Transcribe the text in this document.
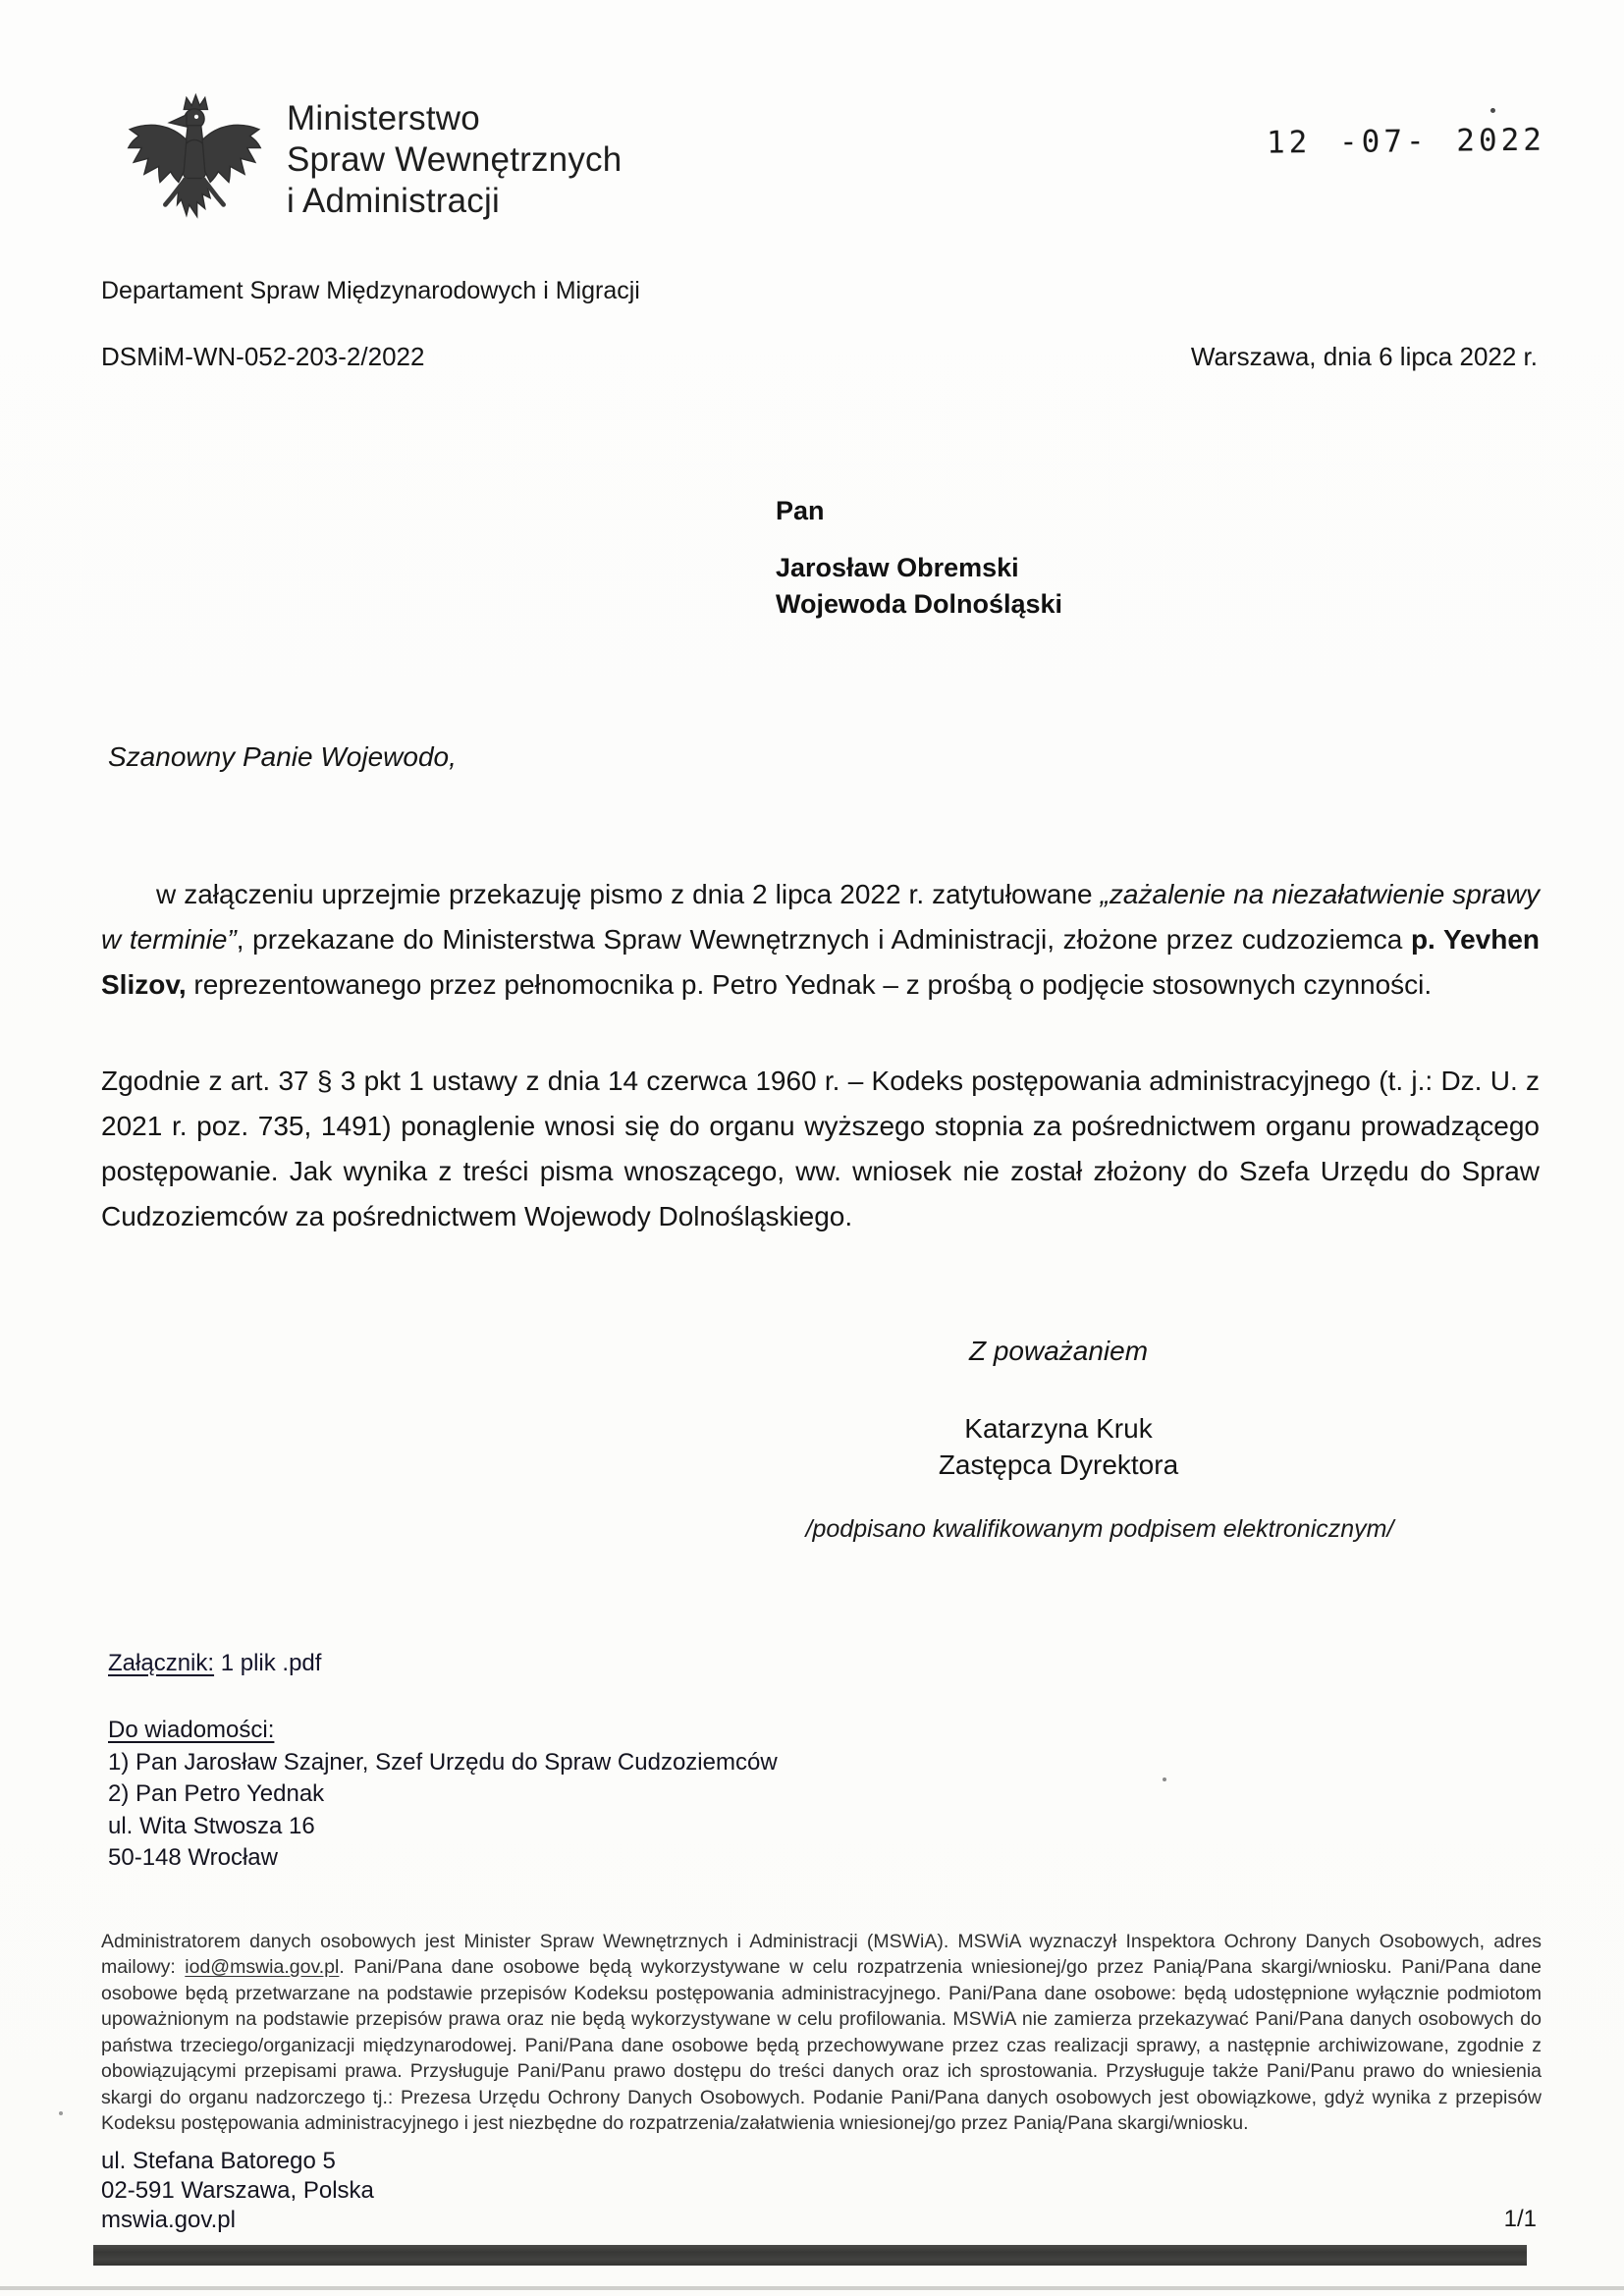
Ministerstwo
Spraw Wewnętrznych
i Administracji
12 -07- 2022
Departament Spraw Międzynarodowych i Migracji
DSMiM-WN-052-203-2/2022	Warszawa, dnia 6 lipca 2022 r.
Pan
Jarosław Obremski
Wojewoda Dolnośląski
Szanowny Panie Wojewodo,

w załączeniu uprzejmie przekazuję pismo z dnia 2 lipca 2022 r. zatytułowane „zażalenie na niezałatwienie sprawy w terminie”, przekazane do Ministerstwa Spraw Wewnętrznych i Administracji, złożone przez cudzoziemca p. Yevhen Slizov, reprezentowanego przez pełnomocnika p. Petro Yednak – z prośbą o podjęcie stosownych czynności.

Zgodnie z art. 37 § 3 pkt 1 ustawy z dnia 14 czerwca 1960 r. – Kodeks postępowania administracyjnego (t. j.: Dz. U. z 2021 r. poz. 735, 1491) ponaglenie wnosi się do organu wyższego stopnia za pośrednictwem organu prowadzącego postępowanie. Jak wynika z treści pisma wnoszącego, ww. wniosek nie został złożony do Szefa Urzędu do Spraw Cudzoziemców za pośrednictwem Wojewody Dolnośląskiego.

Z poważaniem
Katarzyna Kruk
Zastępca Dyrektora
/podpisano kwalifikowanym podpisem elektronicznym/
Załącznik: 1 plik .pdf
Do wiadomości:
1) Pan Jarosław Szajner, Szef Urzędu do Spraw Cudzoziemców
2) Pan Petro Yednak
ul. Wita Stwosza 16
50-148 Wrocław

Administratorem danych osobowych jest Minister Spraw Wewnętrznych i Administracji (MSWiA). MSWiA wyznaczył Inspektora Ochrony Danych Osobowych, adres mailowy: iod@mswia.gov.pl. Pani/Pana dane osobowe będą wykorzystywane w celu rozpatrzenia wniesionej/go przez Panią/Pana skargi/wniosku. Pani/Pana dane osobowe będą przetwarzane na podstawie przepisów Kodeksu postępowania administracyjnego. Pani/Pana dane osobowe: będą udostępnione wyłącznie podmiotom upoważnionym na podstawie przepisów prawa oraz nie będą wykorzystywane w celu profilowania. MSWiA nie zamierza przekazywać Pani/Pana danych osobowych do państwa trzeciego/organizacji międzynarodowej. Pani/Pana dane osobowe będą przechowywane przez czas realizacji sprawy, a następnie archiwizowane, zgodnie z obowiązującymi przepisami prawa. Przysługuje Pani/Panu prawo dostępu do treści danych oraz ich sprostowania. Przysługuje także Pani/Panu prawo do wniesienia skargi do organu nadzorczego tj.: Prezesa Urzędu Ochrony Danych Osobowych. Podanie Pani/Pana danych osobowych jest obowiązkowe, gdyż wynika z przepisów Kodeksu postępowania administracyjnego i jest niezbędne do rozpatrzenia/załatwienia wniesionej/go przez Panią/Pana skargi/wniosku.

ul. Stefana Batorego 5
02-591 Warszawa, Polska
mswia.gov.pl	1/1
